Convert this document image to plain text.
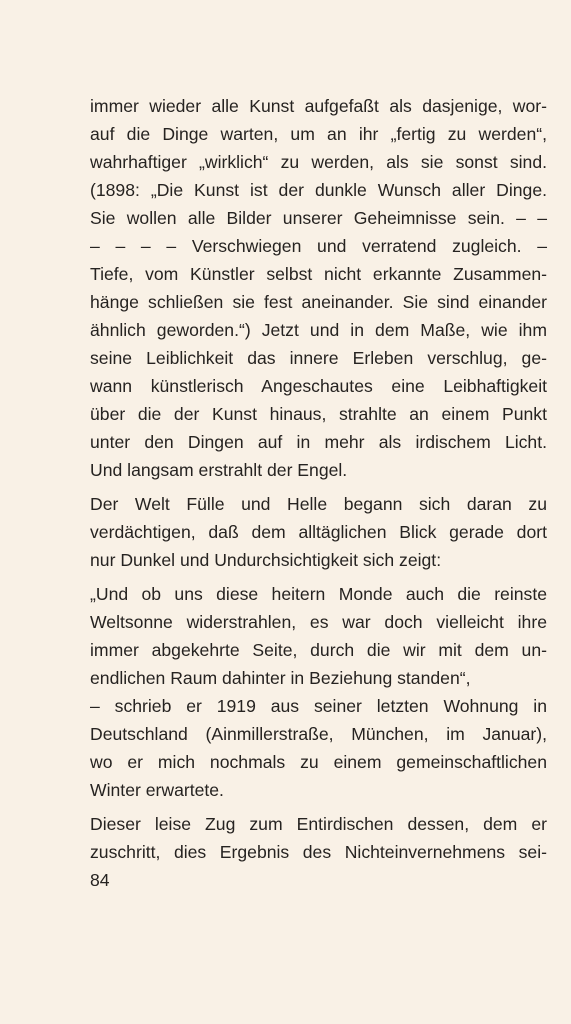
immer wieder alle Kunst aufgefaßt als dasjenige, wor-
auf die Dinge warten, um an ihr „fertig zu werden“,
wahrhaftiger „wirklich“ zu werden, als sie sonst sind.
(1898: „Die Kunst ist der dunkle Wunsch aller Dinge.
Sie wollen alle Bilder unserer Geheimnisse sein. – –
– – – – Verschwiegen und verratend zugleich. –
Tiefe, vom Künstler selbst nicht erkannte Zusammen-
hänge schließen sie fest aneinander. Sie sind einander
ähnlich geworden.“) Jetzt und in dem Maße, wie ihm
seine Leiblichkeit das innere Erleben verschlug, ge-
wann künstlerisch Angeschautes eine Leibhaftigkeit
über die der Kunst hinaus, strahlte an einem Punkt
unter den Dingen auf in mehr als irdischem Licht.
Und langsam erstrahlt der Engel.
Der Welt Fülle und Helle begann sich daran zu
verdächtigen, daß dem alltäglichen Blick gerade dort
nur Dunkel und Undurchsichtigkeit sich zeigt:
„Und ob uns diese heitern Monde auch die reinste
Weltsonne widerstrahlen, es war doch vielleicht ihre
immer abgekehrte Seite, durch die wir mit dem un-
endlichen Raum dahinter in Beziehung standen“,
– schrieb er 1919 aus seiner letzten Wohnung in
Deutschland (Ainmillerstraße, München, im Januar),
wo er mich nochmals zu einem gemeinschaftlichen
Winter erwartete.
Dieser leise Zug zum Entirdischen dessen, dem er
zuschritt, dies Ergebnis des Nichteinvernehmens sei-
84
